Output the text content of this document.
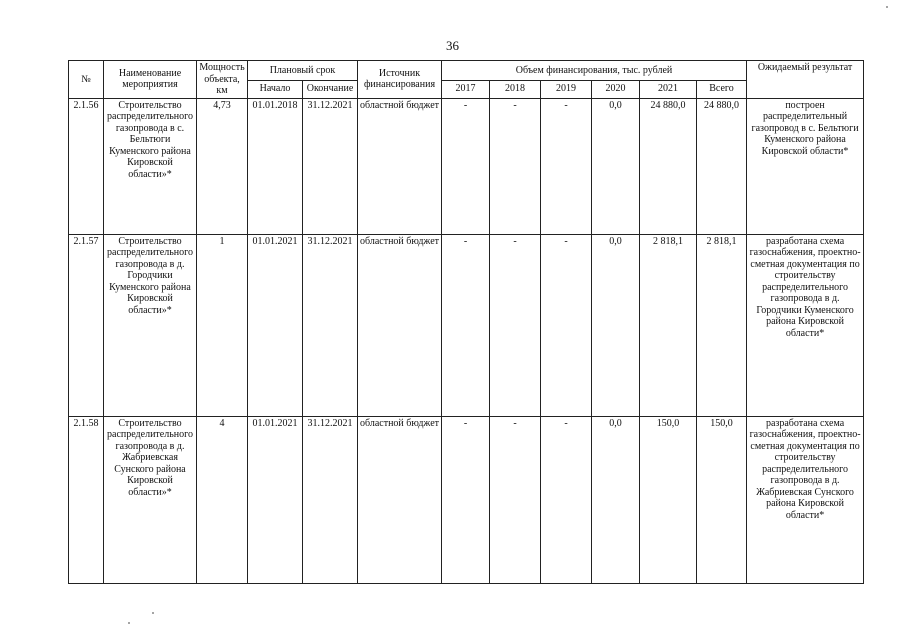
36
№	Наименование мероприятия	Мощность объекта, км	Плановый срок		Источник финансирования	Объем финансирования, тыс. рублей						Ожидаемый результат
			Начало	Окончание		2017	2018	2019	2020	2021	Всего	
2.1.56	Строительство распределительного газопровода в с. Бельтюги Куменского района Кировской области»*	4,73	01.01.2018	31.12.2021	областной бюджет	-	-	-	0,0	24 880,0	24 880,0	построен распределительный газопровод в с. Бельтюги Куменского района Кировской области*
2.1.57	Строительство распределительного газопровода в д. Городчики Куменского района Кировской области»*	1	01.01.2021	31.12.2021	областной бюджет	-	-	-	0,0	2 818,1	2 818,1	разработана схема газоснабжения, проектно-сметная документация по строительству распределительного газопровода в д. Городчики Куменского района Кировской области*
2.1.58	Строительство распределительного газопровода в д. Жабриевская Сунского района Кировской области»*	4	01.01.2021	31.12.2021	областной бюджет	-	-	-	0,0	150,0	150,0	разработана схема газоснабжения, проектно-сметная документация по строительству распределительного газопровода в д. Жабриевская Сунского района Кировской области*
